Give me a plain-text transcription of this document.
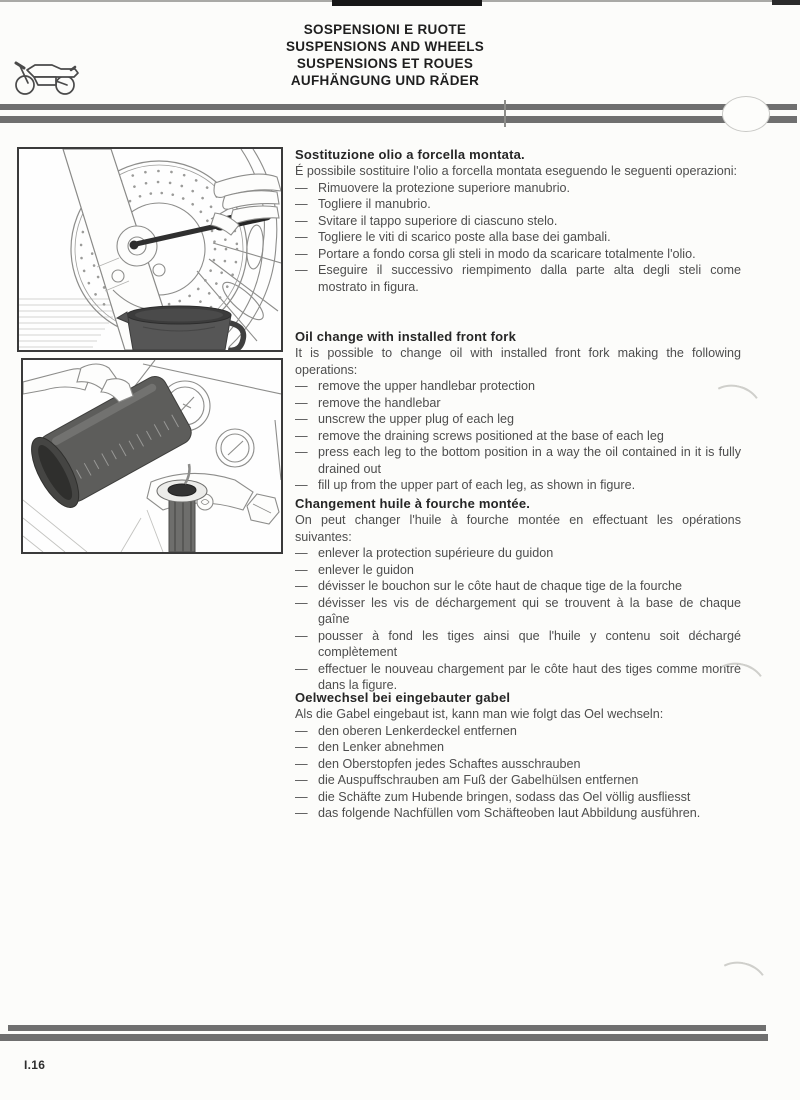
SOSPENSIONI E RUOTE
SUSPENSIONS AND WHEELS
SUSPENSIONS ET ROUES
AUFHÄNGUNG UND RÄDER
Sostituzione olio a forcella montata.

É possibile sostituire l'olio a forcella montata eseguendo le seguenti operazioni:

— Rimuovere la protezione superiore manubrio.
— Togliere il manubrio.
— Svitare il tappo superiore di ciascuno stelo.
— Togliere le viti di scarico poste alla base dei gambali.
— Portare a fondo corsa gli steli in modo da scaricare totalmente l'olio.
— Eseguire il successivo riempimento dalla parte alta degli steli come mostrato in figura.
Oil change with installed front fork

It is possible to change oil with installed front fork making the following operations:

— remove the upper handlebar protection
— remove the handlebar
— unscrew the upper plug of each leg
— remove the draining screws positioned at the base of each leg
— press each leg to the bottom position in a way the oil contained in it is fully drained out
— fill up from the upper part of each leg, as shown in figure.
Changement huile à fourche montée.

On peut changer l'huile à fourche montée en effectuant les opérations suivantes:

— enlever la protection supérieure du guidon
— enlever le guidon
— dévisser le bouchon sur le côte haut de chaque tige de la fourche
— dévisser les vis de déchargement qui se trouvent à la base de chaque gaîne
— pousser à fond les tiges ainsi que l'huile y contenu soit déchargé complètement
— effectuer le nouveau chargement par le côte haut des tiges comme montré dans la figure.
Oelwechsel bei eingebauter gabel

Als die Gabel eingebaut ist, kann man wie folgt das Oel wechseln:

— den oberen Lenkerdeckel entfernen
— den Lenker abnehmen
— den Oberstopfen jedes Schaftes ausschrauben
— die Auspuffschrauben am Fuß der Gabelhülsen entfernen
— die Schäfte zum Hubende bringen, sodass das Oel völlig ausfliesst
— das folgende Nachfüllen vom Schäfteoben laut Abbildung ausführen.
I.16
